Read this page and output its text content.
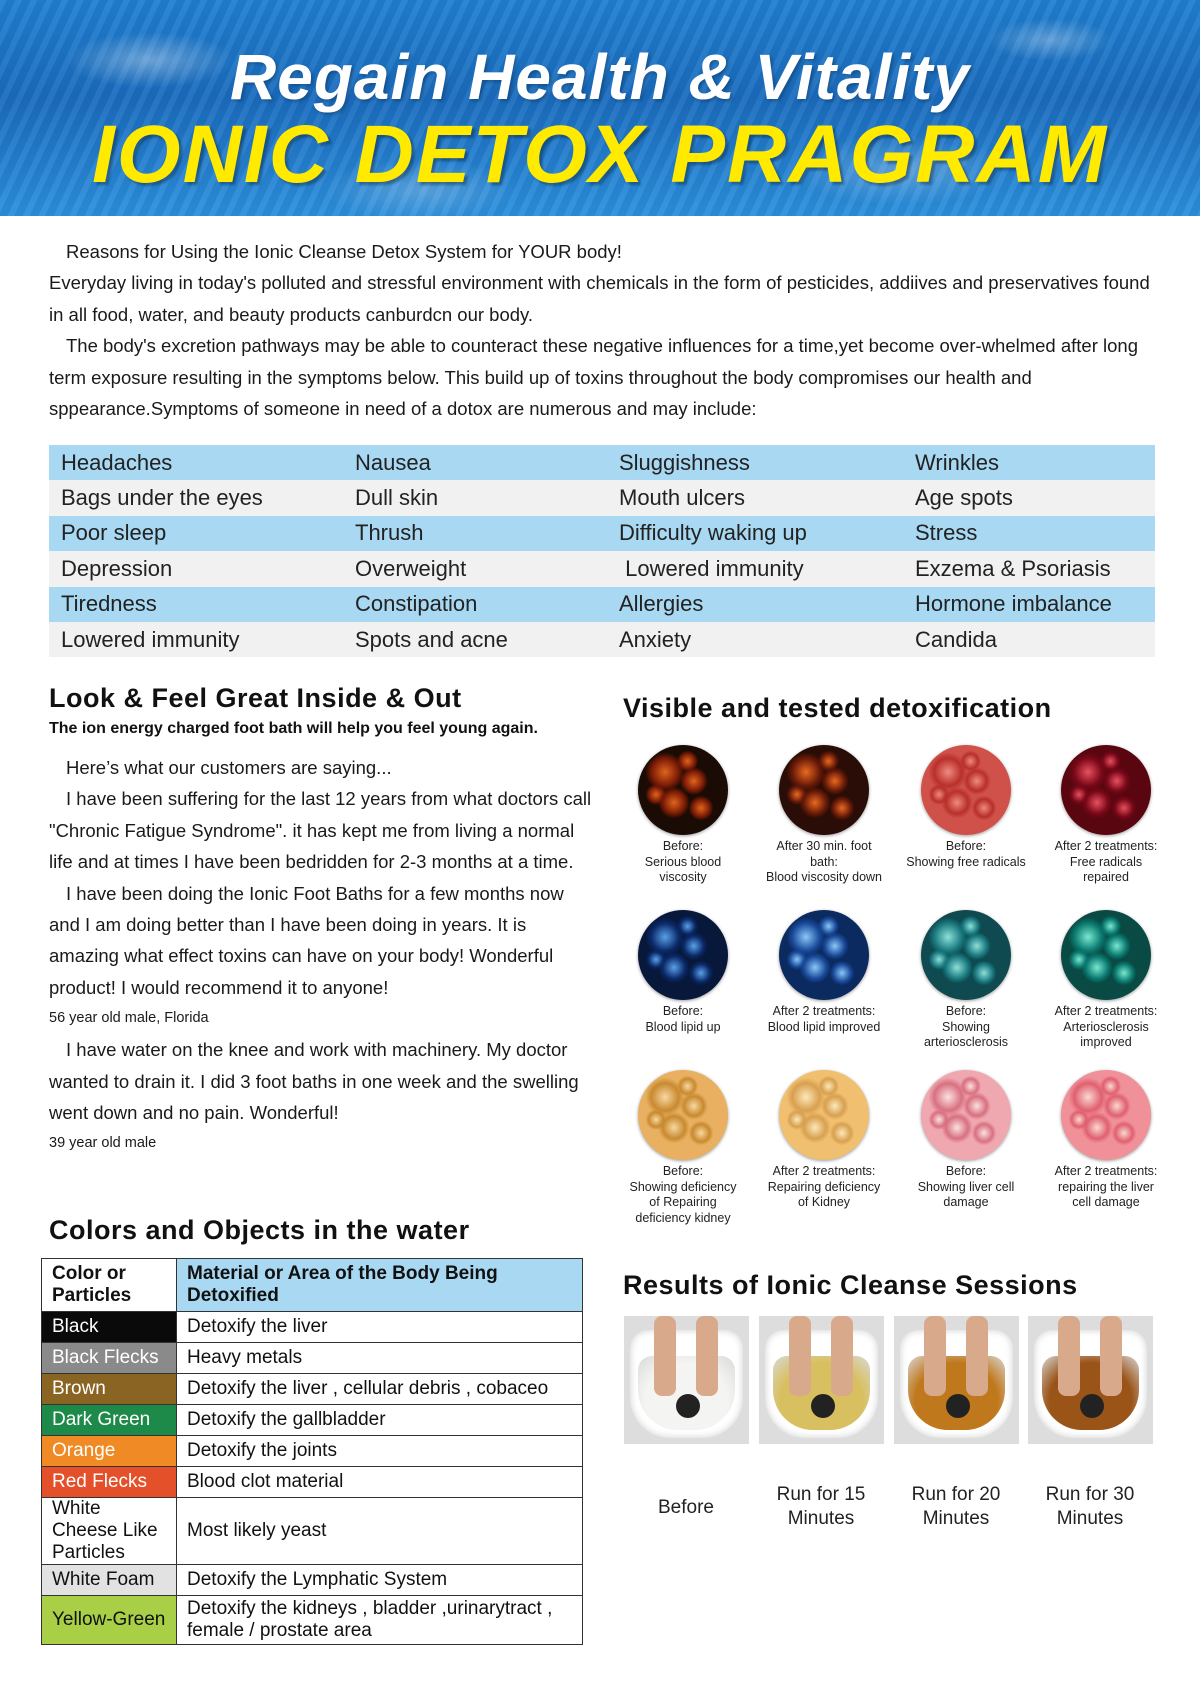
Regain Health & Vitality
IONIC DETOX PRAGRAM

Reasons for Using the Ionic Cleanse Detox System for YOUR body!

Everyday living in today's polluted and stressful environment with chemicals in the form of pesticides, addiives and preservatives found in all food, water, and beauty products canburdcn our body.

The body's excretion pathways may be able to counteract these negative influences for a time,yet become over-whelmed after long term exposure resulting in the symptoms below. This build up of toxins throughout the body compromises our health and sppearance.Symptoms of someone in need of a dotox are numerous and may include:

Headaches	Nausea	Sluggishness	Wrinkles
Bags under the eyes	Dull skin	Mouth ulcers	Age spots
Poor sleep	Thrush	Difficulty waking up	Stress
Depression	Overweight	Lowered immunity	Exzema & Psoriasis
Tiredness	Constipation	Allergies	Hormone imbalance
Lowered immunity	Spots and acne	Anxiety	Candida
Look & Feel Great Inside & Out
The ion energy charged foot bath will help you feel young again.

Here’s what our customers are saying...

I have been suffering for the last 12 years from what doctors call "Chronic Fatigue Syndrome". it has kept me from living a normal life and at times I have been bedridden for 2-3 months at a time.

I have been doing the Ionic Foot Baths for a few months now and I am doing better than I have been doing in years. It is amazing what effect toxins can have on your body! Wonderful product! I would recommend it to anyone!

56 year old male, Florida

I have water on the knee and work with machinery. My doctor wanted to drain it. I did 3 foot baths in one week and the swelling went down and no pain. Wonderful!

39 year old male

Colors and Objects in the water
Color or Particles	Material or Area of the Body Being Detoxified
Black	Detoxify the liver
Black Flecks	Heavy metals
Brown	Detoxify the liver , cellular debris , cobaceo
Dark Green	Detoxify the gallbladder
Orange	Detoxify the joints
Red Flecks	Blood clot material
White Cheese Like Particles	Most likely yeast
White Foam	Detoxify the Lymphatic System
Yellow-Green	Detoxify the kidneys , bladder ,urinarytract , female / prostate area
Visible and tested detoxification
Before:
Serious blood
viscosity
After 30 min. foot
bath:
Blood viscosity down
Before:
Showing free radicals
After 2 treatments:
Free radicals
repaired
Before:
Blood lipid up
After 2 treatments:
Blood lipid improved
Before:
Showing
arteriosclerosis
After 2 treatments:
Arteriosclerosis
improved
Before:
Showing deficiency
of Repairing
deficiency kidney
After 2 treatments:
Repairing deficiency
of Kidney
Before:
Showing liver cell
damage
After 2 treatments:
repairing the liver
cell damage
Results of Ionic Cleanse Sessions
Before
Run for 15
Minutes
Run for 20
Minutes
Run for 30
Minutes
